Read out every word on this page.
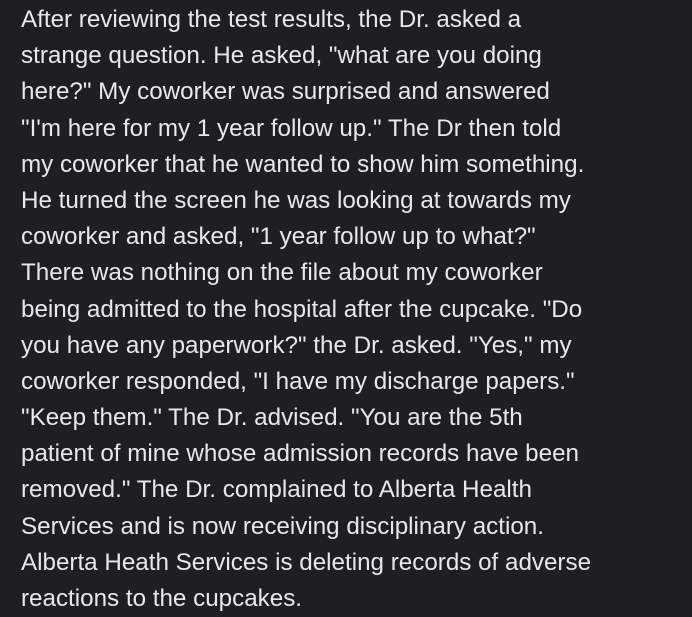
After reviewing the test results, the Dr. asked a
strange question. He asked, "what are you doing
here?" My coworker was surprised and answered
"I'm here for my 1 year follow up." The Dr then told
my coworker that he wanted to show him something.
He turned the screen he was looking at towards my
coworker and asked, "1 year follow up to what?"
There was nothing on the file about my coworker
being admitted to the hospital after the cupcake. "Do
you have any paperwork?" the Dr. asked. "Yes," my
coworker responded, "I have my discharge papers."
"Keep them." The Dr. advised. "You are the 5th
patient of mine whose admission records have been
removed." The Dr. complained to Alberta Health
Services and is now receiving disciplinary action.
Alberta Heath Services is deleting records of adverse
reactions to the cupcakes.
